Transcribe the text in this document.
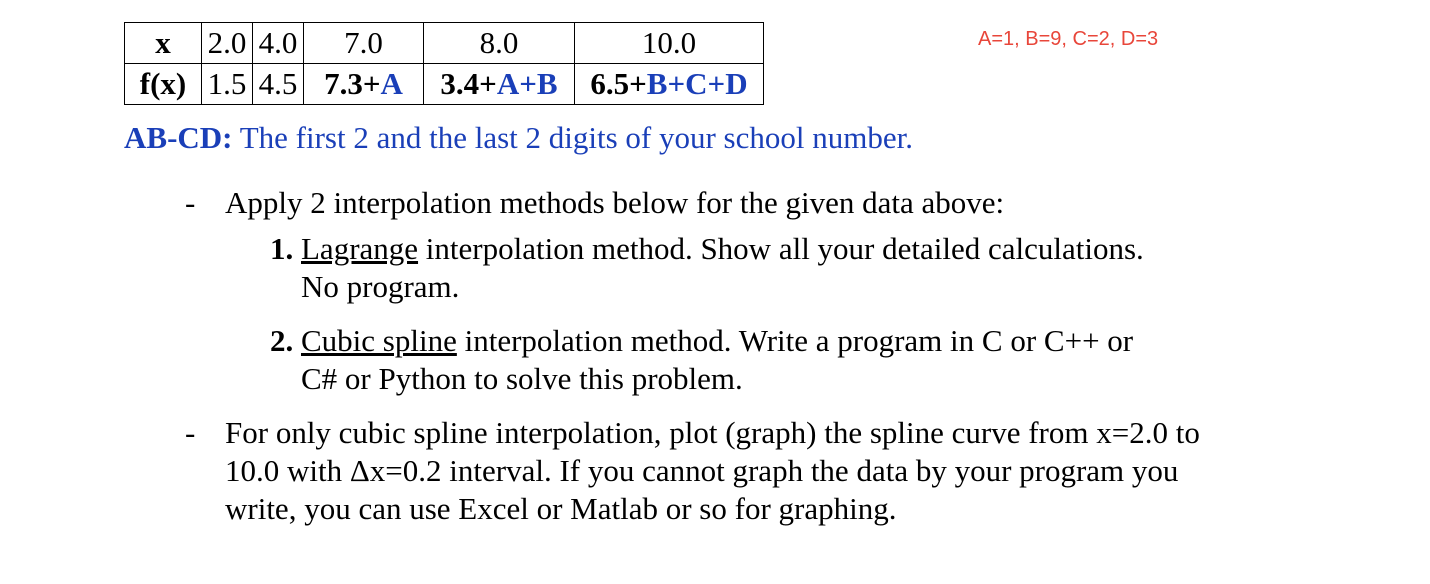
A=1, B=9, C=2, D=3
x	2.0	4.0	7.0	8.0	10.0
f(x)	1.5	4.5	7.3+A	3.4+A+B	6.5+B+C+D
AB-CD: The first 2 and the last 2 digits of your school number.
- Apply 2 interpolation methods below for the given data above:
1. Lagrange interpolation method. Show all your detailed calculations. No program.
2. Cubic spline interpolation method. Write a program in C or C++ or C# or Python to solve this problem.
- For only cubic spline interpolation, plot (graph) the spline curve from x=2.0 to 10.0 with Δx=0.2 interval. If you cannot graph the data by your program you write, you can use Excel or Matlab or so for graphing.
